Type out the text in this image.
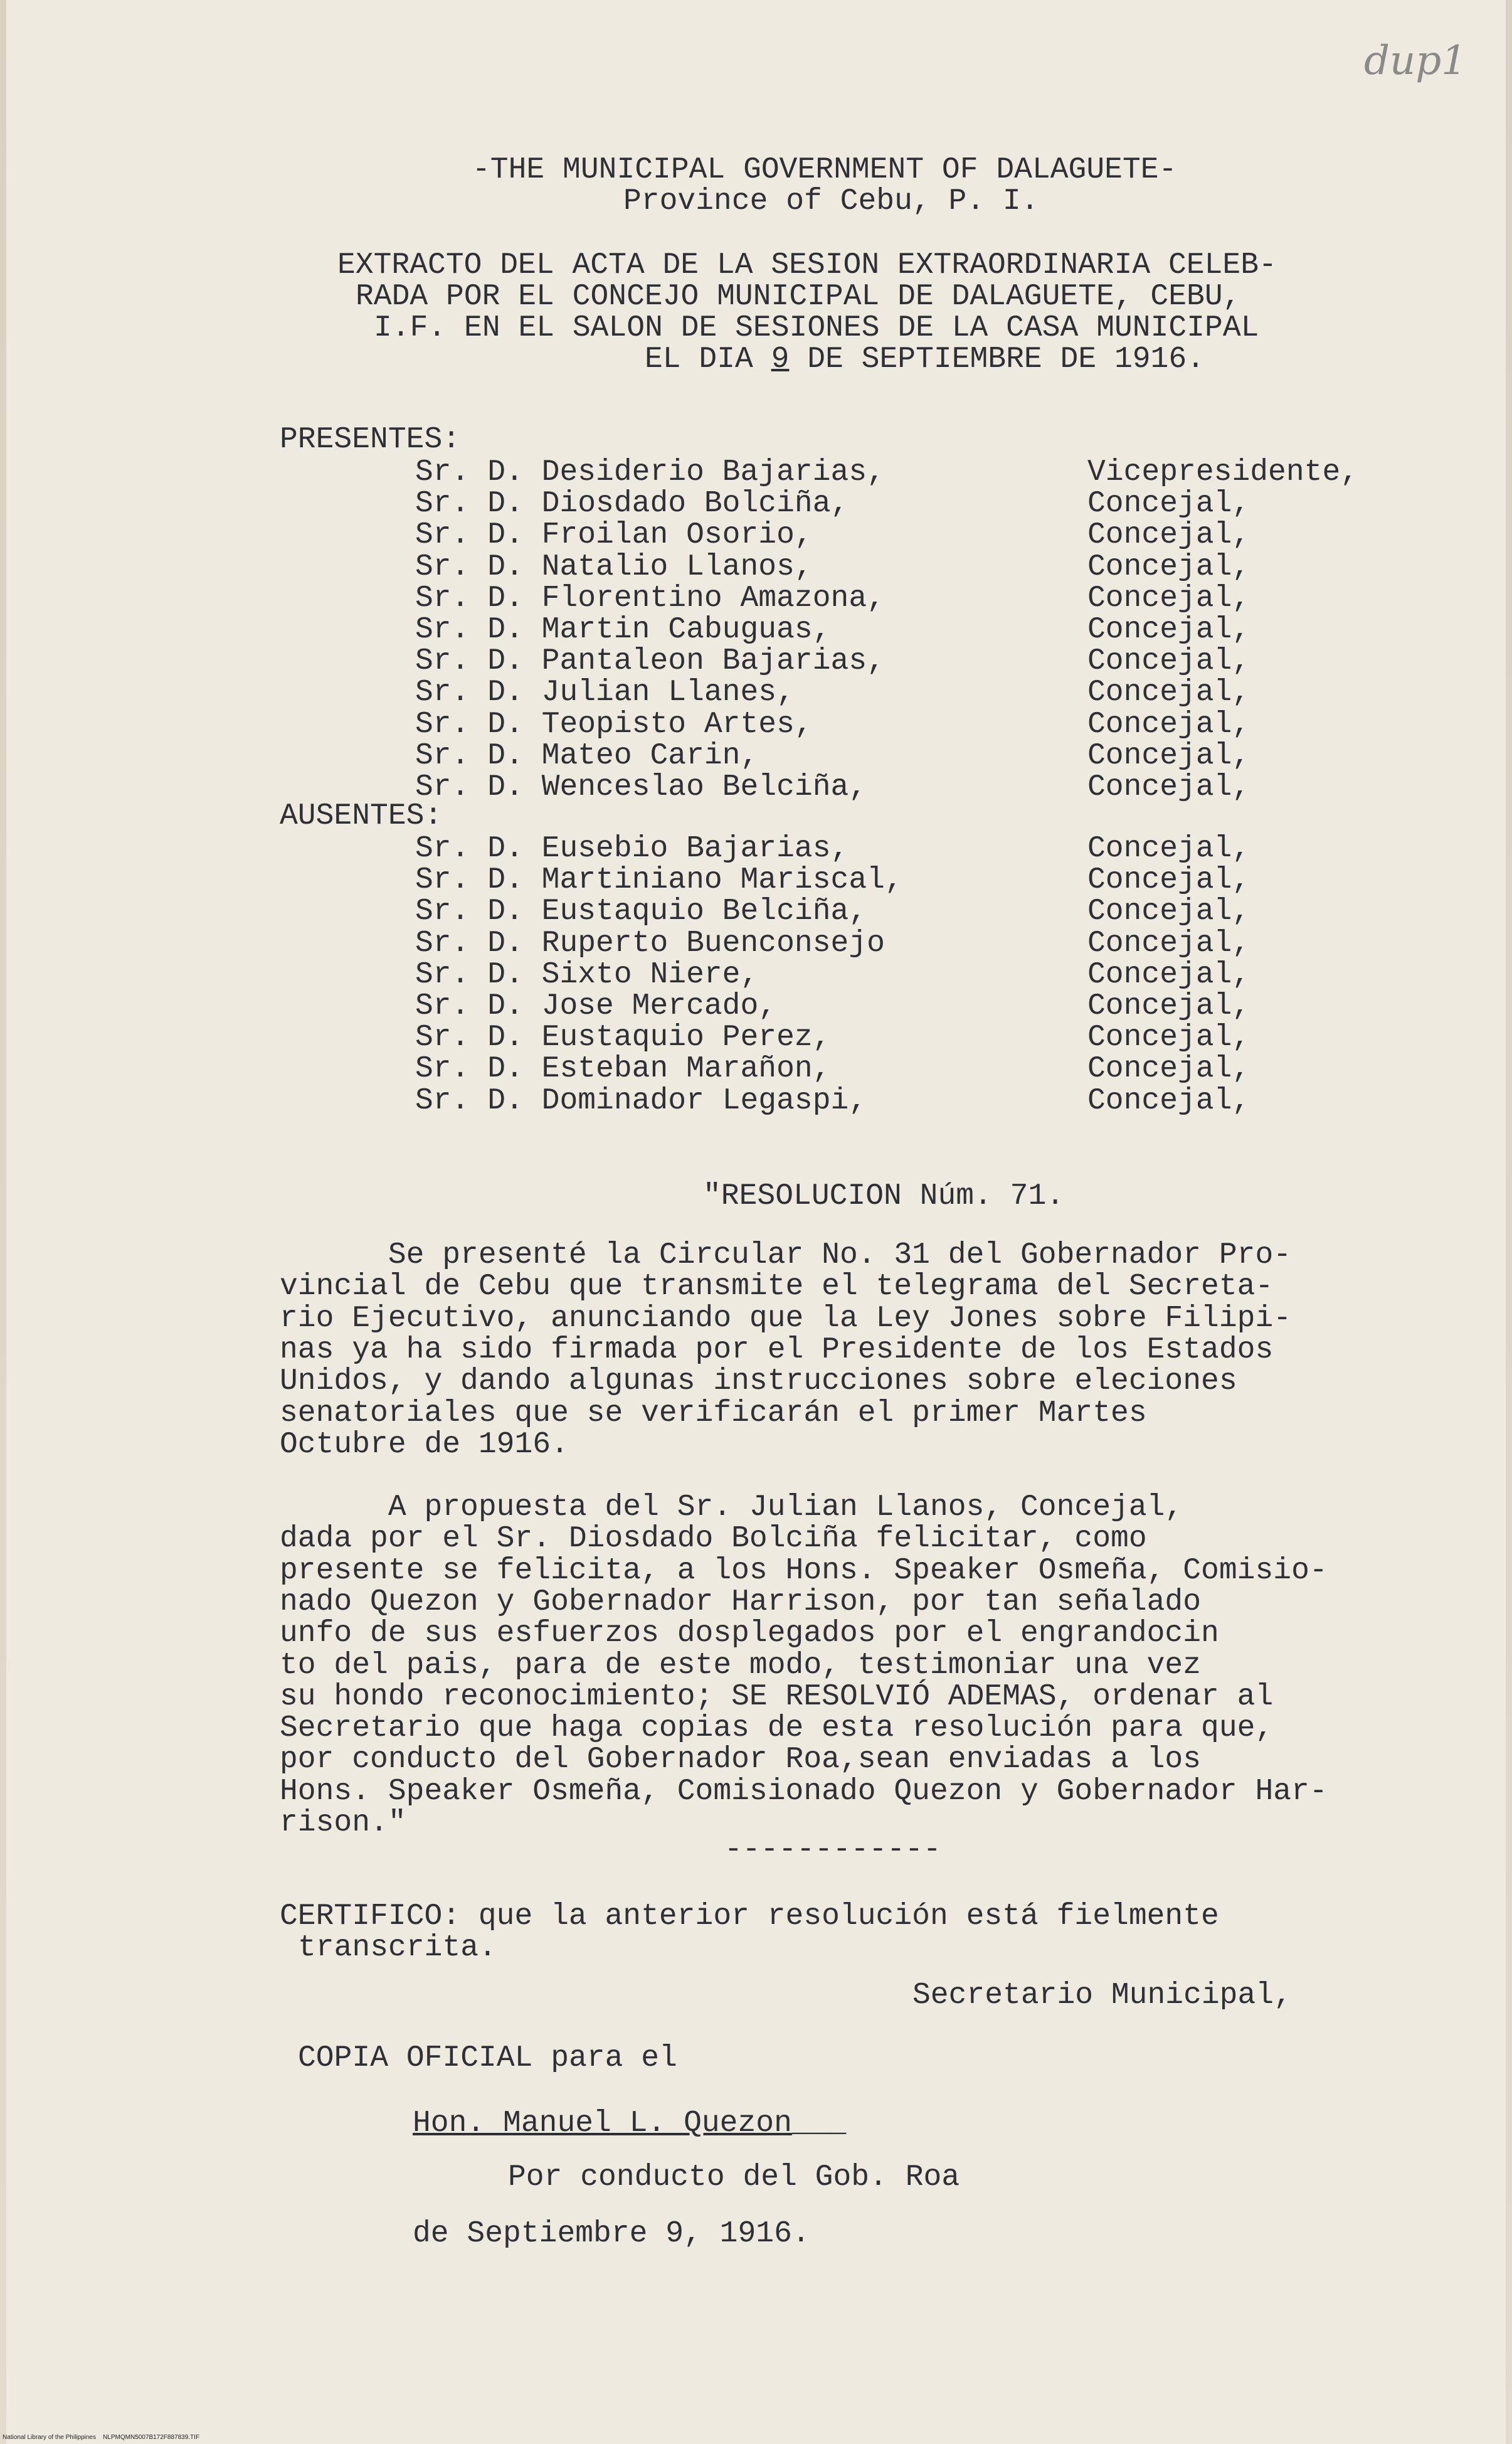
dup1
-THE MUNICIPAL GOVERNMENT OF DALAGUETE-
Province of Cebu, P. I.
EXTRACTO DEL ACTA DE LA SESION EXTRAORDINARIA CELEB-
RADA POR EL CONCEJO MUNICIPAL DE DALAGUETE, CEBU,
I.F. EN EL SALON DE SESIONES DE LA CASA MUNICIPAL
EL DIA 9 DE SEPTIEMBRE DE 1916.
PRESENTES:
Sr. D. Desiderio Bajarias,	Vicepresidente,
Sr. D. Diosdado Bolciña,	Concejal,
Sr. D. Froilan Osorio,	Concejal,
Sr. D. Natalio Llanos,	Concejal,
Sr. D. Florentino Amazona,	Concejal,
Sr. D. Martin Cabuguas,	Concejal,
Sr. D. Pantaleon Bajarias,	Concejal,
Sr. D. Julian Llanes,	Concejal,
Sr. D. Teopisto Artes,	Concejal,
Sr. D. Mateo Carin,	Concejal,
Sr. D. Wenceslao Belciña,	Concejal,
AUSENTES:
Sr. D. Eusebio Bajarias,	Concejal,
Sr. D. Martiniano Mariscal,	Concejal,
Sr. D. Eustaquio Belciña,	Concejal,
Sr. D. Ruperto Buenconsejo	Concejal,
Sr. D. Sixto Niere,	Concejal,
Sr. D. Jose Mercado,	Concejal,
Sr. D. Eustaquio Perez,	Concejal,
Sr. D. Esteban Marañon,	Concejal,
Sr. D. Dominador Legaspi,	Concejal,
"RESOLUCION Núm. 71.
Se presenté la Circular No. 31 del Gobernador Pro-
vincial de Cebu que transmite el telegrama del Secreta-
rio Ejecutivo, anunciando que la Ley Jones sobre Filipi-
nas ya ha sido firmada por el Presidente de los Estados
Unidos, y dando algunas instrucciones sobre eleciones
senatoriales que se verificarán el primer Martes
Octubre de 1916.
A propuesta del Sr. Julian Llanos, Concejal,
dada por el Sr. Diosdado Bolciña felicitar, como
presente se felicita, a los Hons. Speaker Osmeña, Comisio-
nado Quezon y Gobernador Harrison, por tan señalado
unfo de sus esfuerzos dosplegados por el engrandocin
to del pais, para de este modo, testimoniar una vez
su hondo reconocimiento; SE RESOLVIÓ ADEMAS, ordenar al
Secretario que haga copias de esta resolución para que,
por conducto del Gobernador Roa,sean enviadas a los
Hons. Speaker Osmeña, Comisionado Quezon y Gobernador Har-
rison."
------------
CERTIFICO: que la anterior resolución está fielmente
transcrita.
Secretario Municipal,
COPIA OFICIAL para el
Hon. Manuel L. Quezon___
Por conducto del Gob. Roa
de Septiembre 9, 1916.
National Library of the Philippines    NLPMQMN5007B172F887839.TIF
